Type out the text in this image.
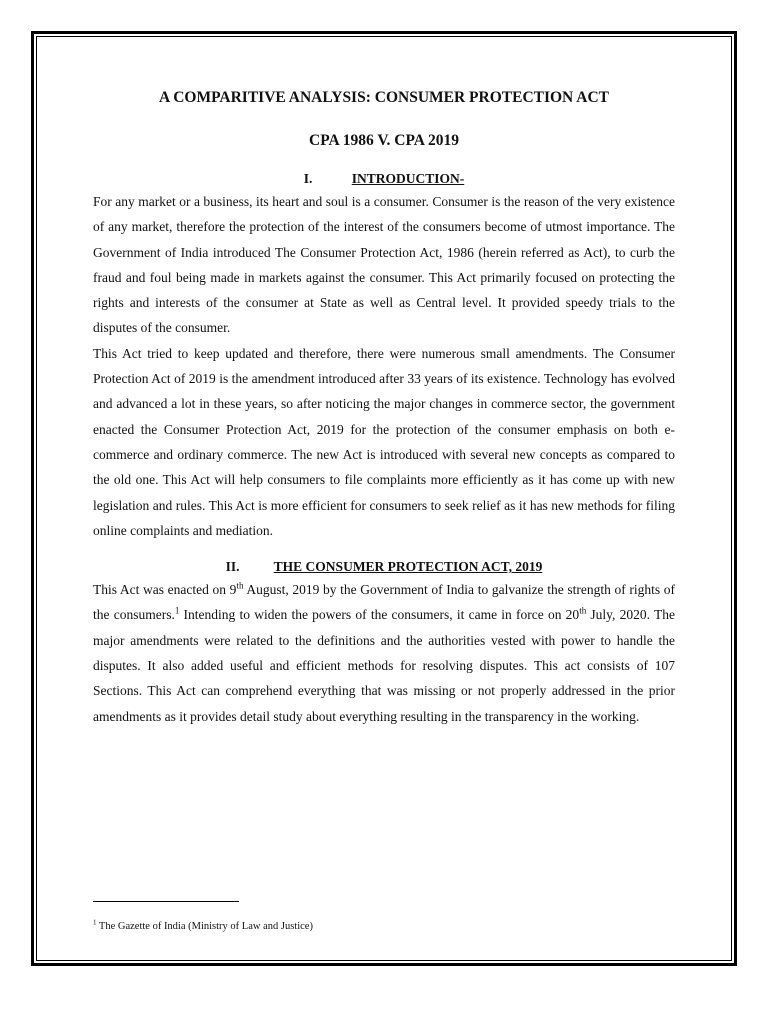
A COMPARITIVE ANALYSIS: CONSUMER PROTECTION ACT
CPA 1986 V. CPA 2019
I.	INTRODUCTION-

For any market or a business, its heart and soul is a consumer. Consumer is the reason of the very existence of any market, therefore the protection of the interest of the consumers become of utmost importance. The Government of India introduced The Consumer Protection Act, 1986 (herein referred as Act), to curb the fraud and foul being made in markets against the consumer. This Act primarily focused on protecting the rights and interests of the consumer at State as well as Central level. It provided speedy trials to the disputes of the consumer.

This Act tried to keep updated and therefore, there were numerous small amendments. The Consumer Protection Act of 2019 is the amendment introduced after 33 years of its existence. Technology has evolved and advanced a lot in these years, so after noticing the major changes in commerce sector, the government enacted the Consumer Protection Act, 2019 for the protection of the consumer emphasis on both e-commerce and ordinary commerce. The new Act is introduced with several new concepts as compared to the old one. This Act will help consumers to file complaints more efficiently as it has come up with new legislation and rules. This Act is more efficient for consumers to seek relief as it has new methods for filing online complaints and mediation.

II.	THE CONSUMER PROTECTION ACT, 2019

This Act was enacted on 9th August, 2019 by the Government of India to galvanize the strength of rights of the consumers.$^1$ Intending to widen the powers of the consumers, it came in force on 20th July, 2020. The major amendments were related to the definitions and the authorities vested with power to handle the disputes. It also added useful and efficient methods for resolving disputes. This act consists of 107 Sections. This Act can comprehend everything that was missing or not properly addressed in the prior amendments as it provides detail study about everything resulting in the transparency in the working.

$^1$ The Gazette of India (Ministry of Law and Justice)
